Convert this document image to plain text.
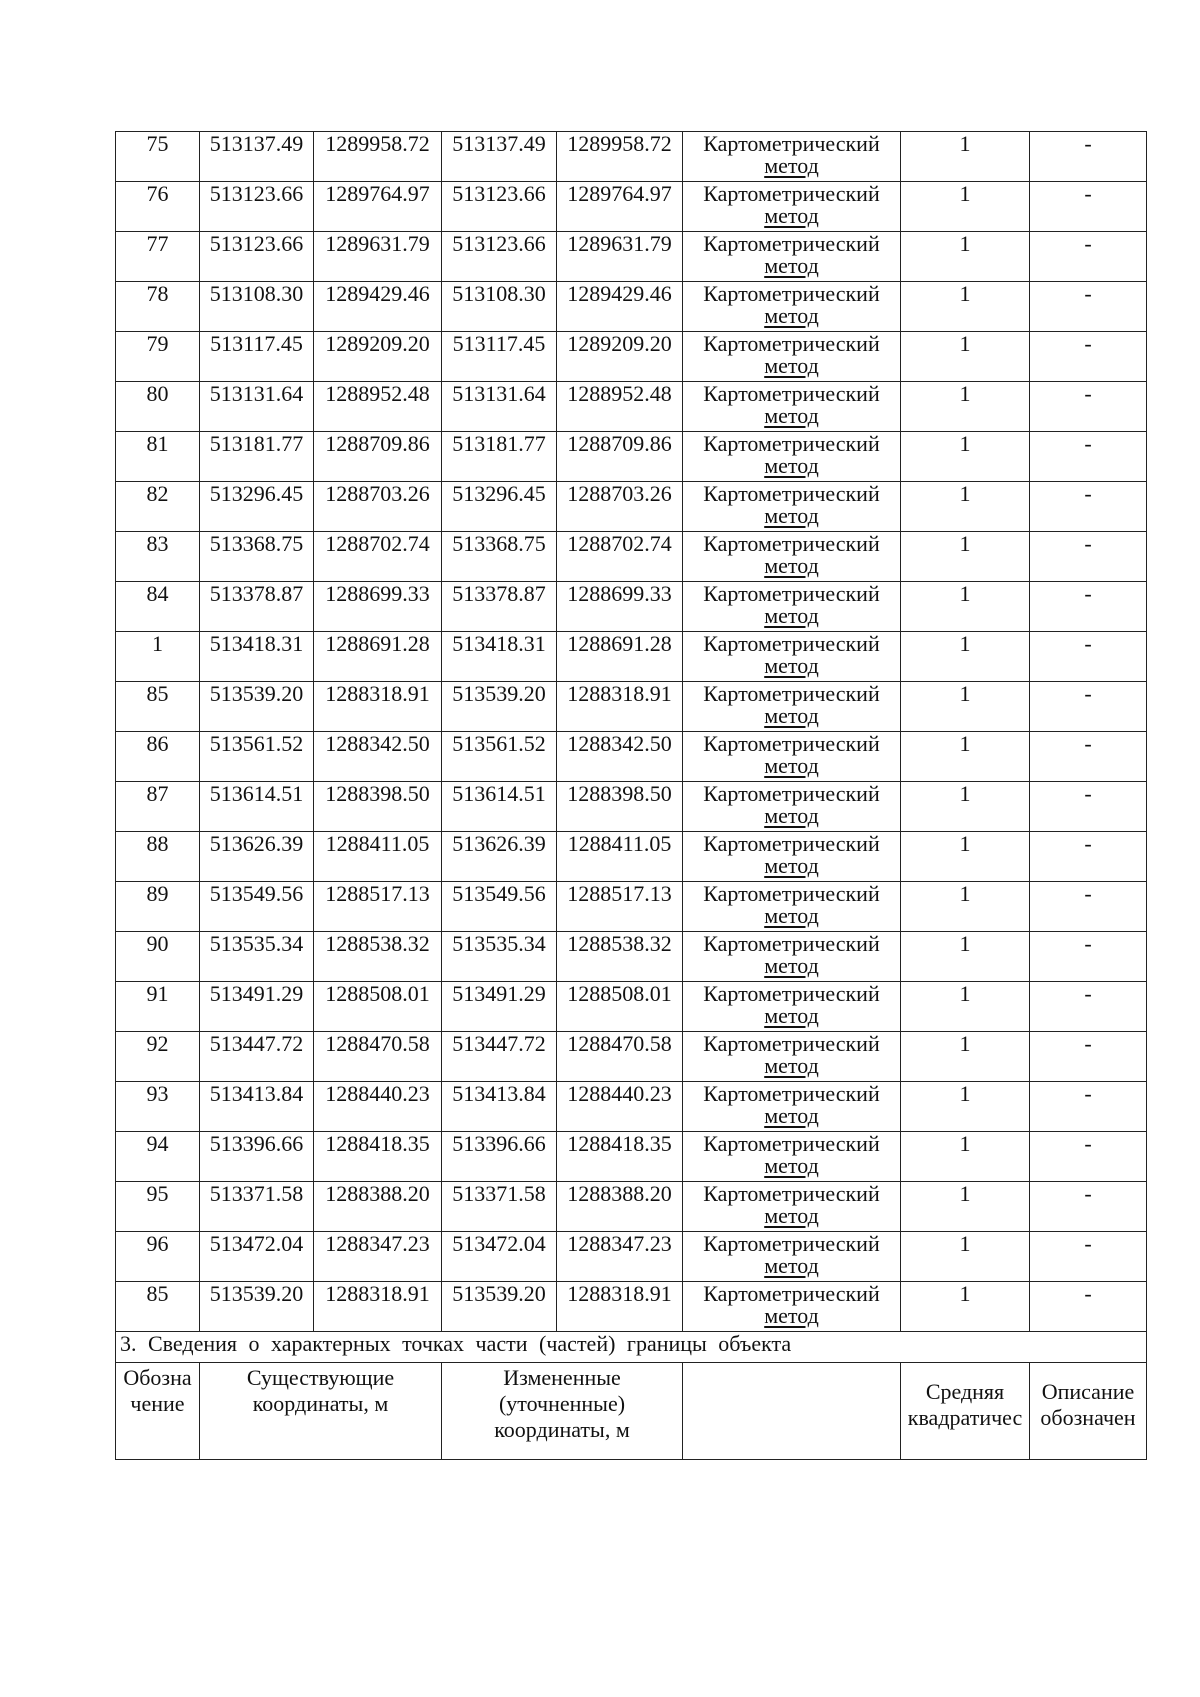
75	513137.49	1289958.72	513137.49	1289958.72	Картометрический
метод	1	-
76	513123.66	1289764.97	513123.66	1289764.97	Картометрический
метод	1	-
77	513123.66	1289631.79	513123.66	1289631.79	Картометрический
метод	1	-
78	513108.30	1289429.46	513108.30	1289429.46	Картометрический
метод	1	-
79	513117.45	1289209.20	513117.45	1289209.20	Картометрический
метод	1	-
80	513131.64	1288952.48	513131.64	1288952.48	Картометрический
метод	1	-
81	513181.77	1288709.86	513181.77	1288709.86	Картометрический
метод	1	-
82	513296.45	1288703.26	513296.45	1288703.26	Картометрический
метод	1	-
83	513368.75	1288702.74	513368.75	1288702.74	Картометрический
метод	1	-
84	513378.87	1288699.33	513378.87	1288699.33	Картометрический
метод	1	-
1	513418.31	1288691.28	513418.31	1288691.28	Картометрический
метод	1	-
85	513539.20	1288318.91	513539.20	1288318.91	Картометрический
метод	1	-
86	513561.52	1288342.50	513561.52	1288342.50	Картометрический
метод	1	-
87	513614.51	1288398.50	513614.51	1288398.50	Картометрический
метод	1	-
88	513626.39	1288411.05	513626.39	1288411.05	Картометрический
метод	1	-
89	513549.56	1288517.13	513549.56	1288517.13	Картометрический
метод	1	-
90	513535.34	1288538.32	513535.34	1288538.32	Картометрический
метод	1	-
91	513491.29	1288508.01	513491.29	1288508.01	Картометрический
метод	1	-
92	513447.72	1288470.58	513447.72	1288470.58	Картометрический
метод	1	-
93	513413.84	1288440.23	513413.84	1288440.23	Картометрический
метод	1	-
94	513396.66	1288418.35	513396.66	1288418.35	Картометрический
метод	1	-
95	513371.58	1288388.20	513371.58	1288388.20	Картометрический
метод	1	-
96	513472.04	1288347.23	513472.04	1288347.23	Картометрический
метод	1	-
85	513539.20	1288318.91	513539.20	1288318.91	Картометрический
метод	1	-
3. Сведения о характерных точках части (частей) границы объекта							

Обозна
чение	Существующие
координаты, м		Измененные
(уточненные)
координаты, м			Средняя
квадратичес	Описание
обозначен
